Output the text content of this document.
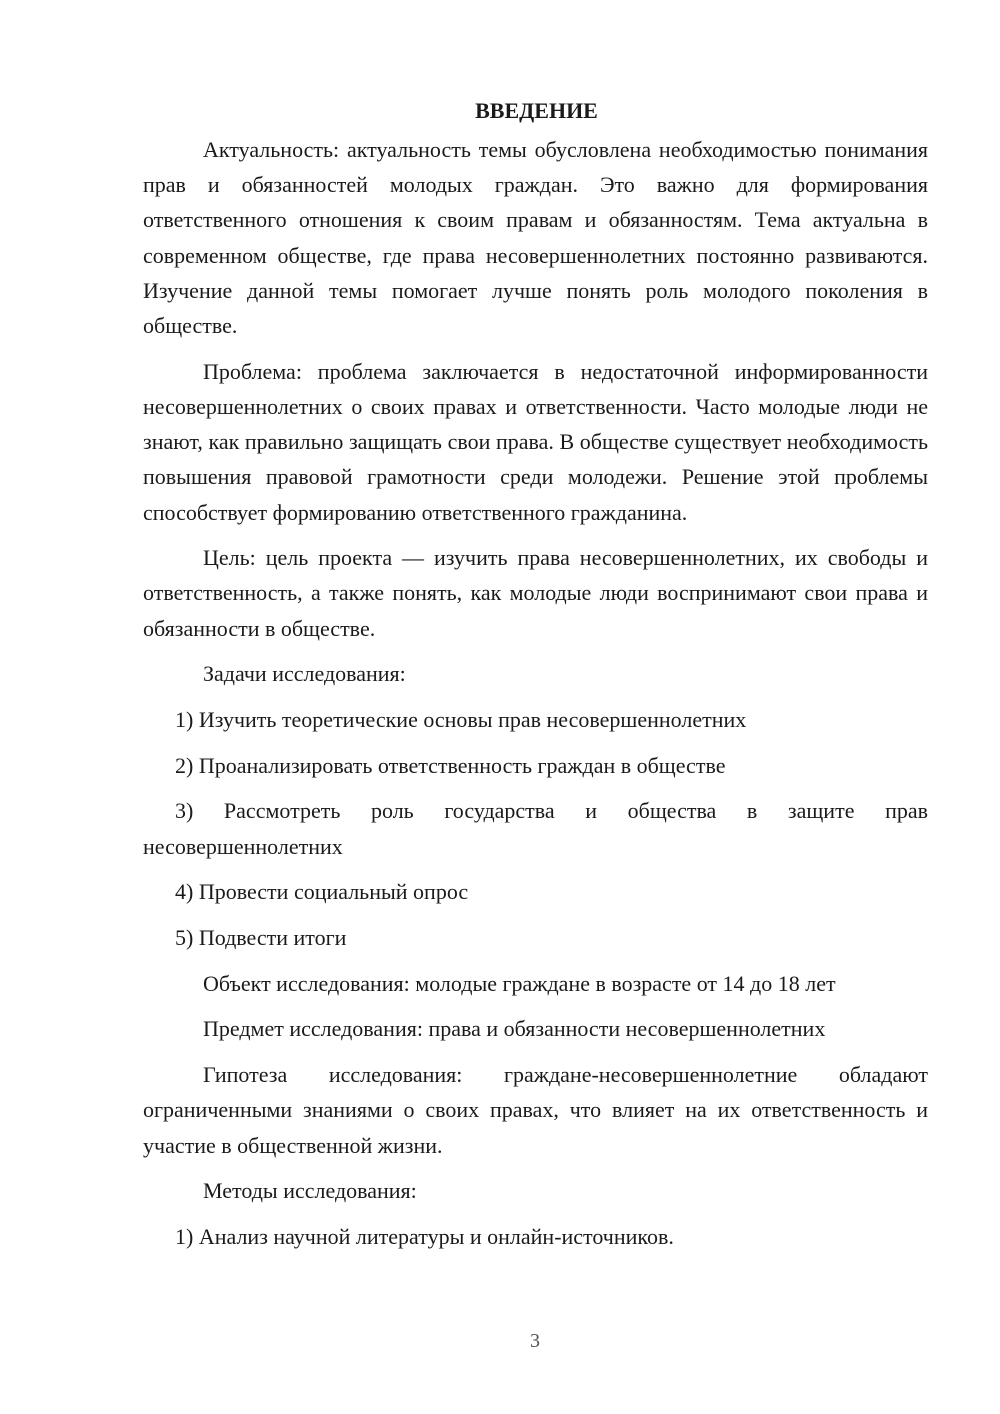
ВВЕДЕНИЕ

Актуальность: актуальность темы обусловлена необходимостью понимания прав и обязанностей молодых граждан. Это важно для формирования ответственного отношения к своим правам и обязанностям. Тема актуальна в современном обществе, где права несовершеннолетних постоянно развиваются. Изучение данной темы помогает лучше понять роль молодого поколения в обществе.

Проблема: проблема заключается в недостаточной информированности несовершеннолетних о своих правах и ответственности. Часто молодые люди не знают, как правильно защищать свои права. В обществе существует необходимость повышения правовой грамотности среди молодежи. Решение этой проблемы способствует формированию ответственного гражданина.

Цель: цель проекта — изучить права несовершеннолетних, их свободы и ответственность, а также понять, как молодые люди воспринимают свои права и обязанности в обществе.

Задачи исследования:

1) Изучить теоретические основы прав несовершеннолетних

2) Проанализировать ответственность граждан в обществе

3) Рассмотреть роль государства и общества в защите прав несовершеннолетних

4) Провести социальный опрос

5) Подвести итоги

Объект исследования: молодые граждане в возрасте от 14 до 18 лет

Предмет исследования: права и обязанности несовершеннолетних

Гипотеза исследования: граждане-несовершеннолетние обладают ограниченными знаниями о своих правах, что влияет на их ответственность и участие в общественной жизни.

Методы исследования:

1) Анализ научной литературы и онлайн-источников.

3
